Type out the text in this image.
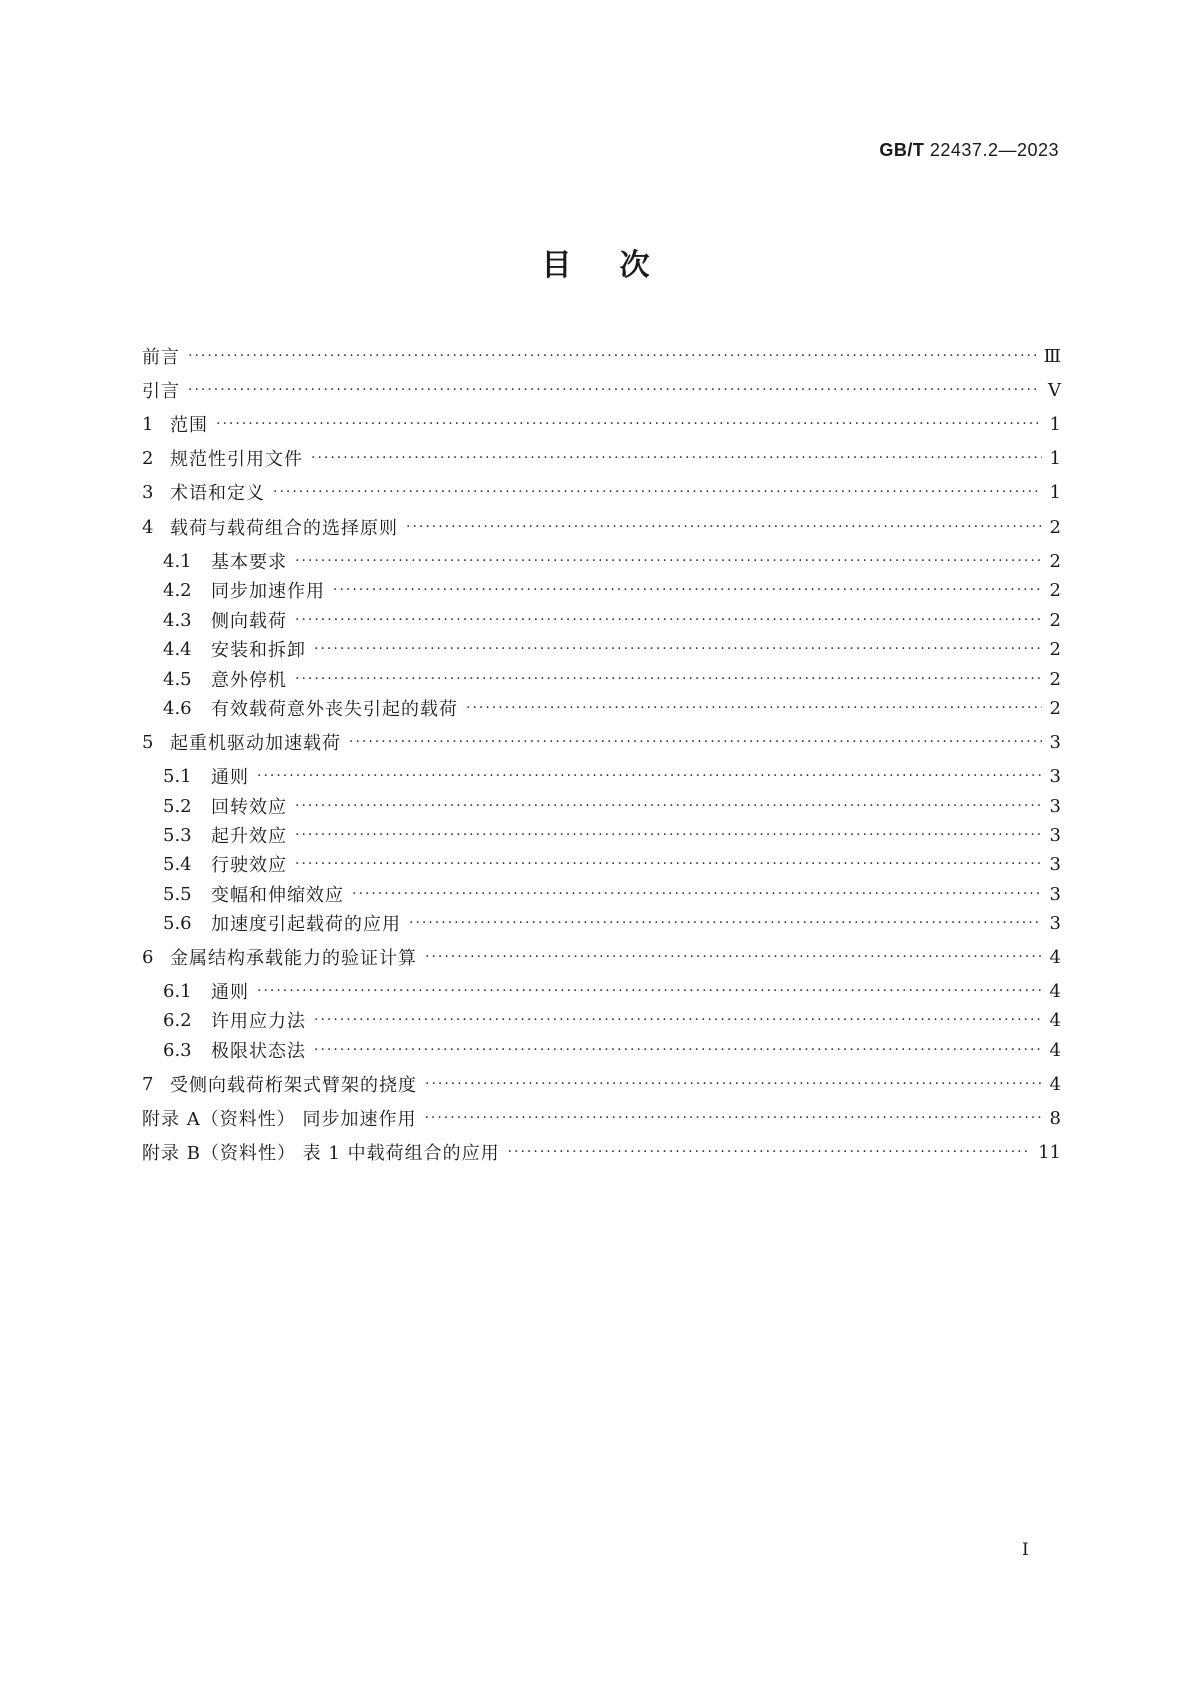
GB/T 22437.2—2023
目次
前言 ·····	Ⅲ
引言 ·····	Ⅴ
1 范围 ·····	1
2 规范性引用文件 ·····	1
3 术语和定义 ·····	1
4 载荷与载荷组合的选择原则 ·····	2
4.1	基本要求 ·····	2
4.2	同步加速作用 ·····	2
4.3	侧向载荷 ·····	2
4.4	安装和拆卸 ·····	2
4.5	意外停机 ·····	2
4.6	有效载荷意外丧失引起的载荷 ·····	2
5 起重机驱动加速载荷 ·····	3
5.1	通则 ·····	3
5.2	回转效应 ·····	3
5.3	起升效应 ·····	3
5.4	行驶效应 ·····	3
5.5	变幅和伸缩效应 ·····	3
5.6	加速度引起载荷的应用 ·····	3
6 金属结构承载能力的验证计算 ·····	4
6.1	通则 ·····	4
6.2	许用应力法 ·····	4
6.3	极限状态法 ·····	4
7 受侧向载荷桁架式臂架的挠度 ·····	4
附录 A（资料性） 同步加速作用 ·····	8
附录 B（资料性） 表 1 中载荷组合的应用 ·····	11
I
